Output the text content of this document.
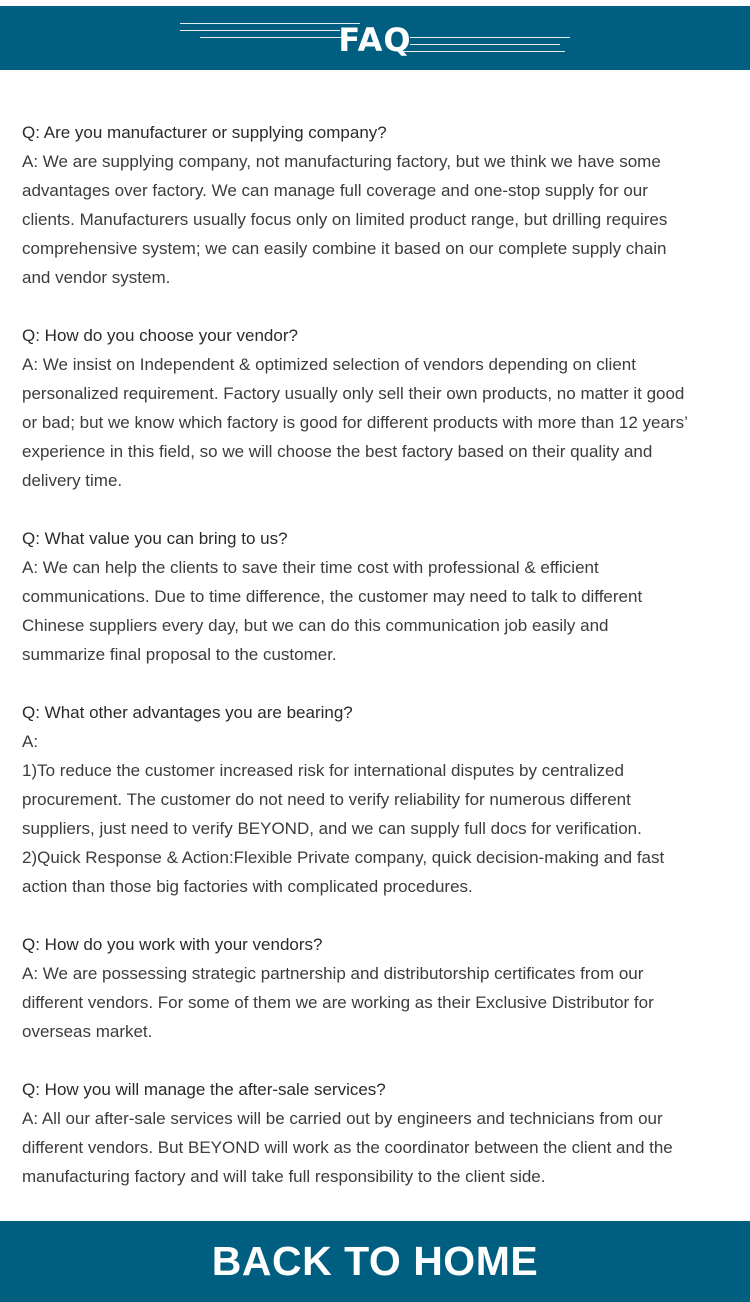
FAQ
Q: Are you manufacturer or supplying company?
A: We are supplying company, not manufacturing factory, but we think we have some
advantages over factory. We can manage full coverage and one-stop supply for our
clients. Manufacturers usually focus only on limited product range, but drilling requires
comprehensive system; we can easily combine it based on our complete supply chain
and vendor system.
Q: How do you choose your vendor?
A: We insist on Independent & optimized selection of vendors depending on client
personalized requirement. Factory usually only sell their own products, no matter it good
or bad; but we know which factory is good for different products with more than 12 years’
experience in this field, so we will choose the best factory based on their quality and
delivery time.
Q: What value you can bring to us?
A: We can help the clients to save their time cost with professional & efficient
communications. Due to time difference, the customer may need to talk to different
Chinese suppliers every day, but we can do this communication job easily and
summarize final proposal to the customer.
Q: What other advantages you are bearing?
A:
1)To reduce the customer increased risk for international disputes by centralized
procurement. The customer do not need to verify reliability for numerous different
suppliers, just need to verify BEYOND, and we can supply full docs for verification.
2)Quick Response & Action:Flexible Private company, quick decision-making and fast
action than those big factories with complicated procedures.
Q: How do you work with your vendors?
A: We are possessing strategic partnership and distributorship certificates from our
different vendors. For some of them we are working as their Exclusive Distributor for
overseas market.
Q: How you will manage the after-sale services?
A: All our after-sale services will be carried out by engineers and technicians from our
different vendors. But BEYOND will work as the coordinator between the client and the
manufacturing factory and will take full responsibility to the client side.
BACK TO HOME
